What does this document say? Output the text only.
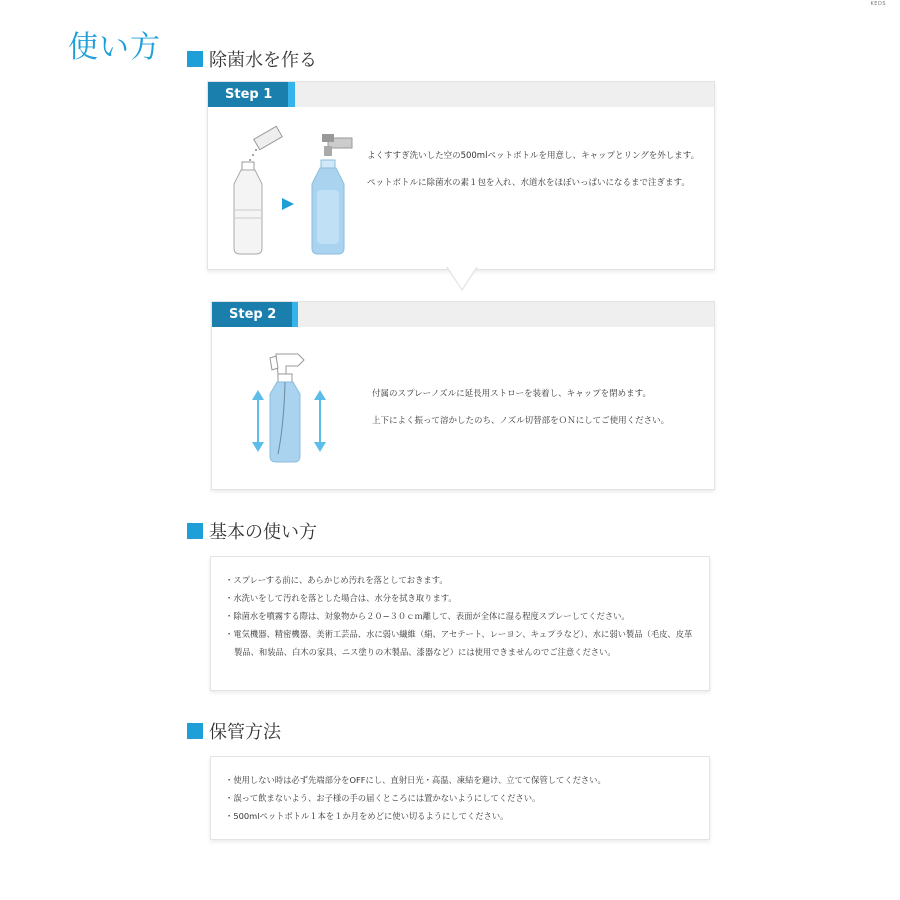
KEDS
使い方	除菌水を作る
Step 1

よくすすぎ洗いした空の500mlペットボトルを用意し、キャップとリングを外します。

ペットボトルに除菌水の素１包を入れ、水道水をほぼいっぱいになるまで注ぎます。

Step 2

付属のスプレーノズルに延長用ストローを装着し、キャップを閉めます。

上下によく振って溶かしたのち、ノズル切替部をＯＮにしてご使用ください。

基本の使い方
・ スプレーする前に、あらかじめ汚れを落としておきます。
・ 水洗いをして汚れを落とした場合は、水分を拭き取ります。
・ 除菌水を噴霧する際は、対象物から２０−３０ｃｍ離して、表面が全体に湿る程度スプレーしてください。
・ 電気機器、精密機器、美術工芸品、水に弱い繊維（絹、アセテート、レーヨン、キュプラなど）、水に弱い製品（毛皮、皮革製品、和装品、白木の家具、ニス塗りの木製品、漆器など）には使用できませんのでご注意ください。
保管方法
・ 使用しない時は必ず先端部分をOFFにし、直射日光・高温、凍結を避け、立てて保管してください。
・ 誤って飲まないよう、お子様の手の届くところには置かないようにしてください。
・ 500mlペットボトル１本を１か月をめどに使い切るようにしてください。
